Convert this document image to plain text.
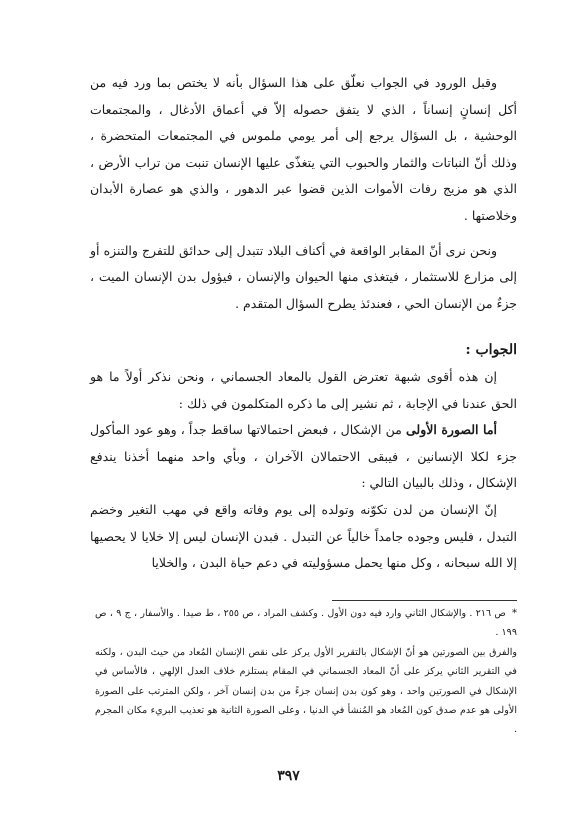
وقبل الورود في الجواب نعلّق على هذا السؤال بأنه لا يختص بما ورد فيه من أكل إنسانٍ إنساناً ، الذي لا يتفق حصوله إلاّ في أعماق الأدغال ، والمجتمعات الوحشية ، بل السؤال يرجع إلى أمر يومي ملموس في المجتمعات المتحضرة ، وذلك أنّ النباتات والثمار والحبوب التي يتغذّى عليها الإنسان تنبت من تراب الأرض ، الذي هو مزيج رفات الأموات الذين قضوا عبر الدهور ، والذي هو عصارة الأبدان وخلاصتها .

ونحن نرى أنّ المقابر الواقعة في أكناف البلاد تتبدل إلى حدائق للتفرج والتنزه أو إلى مزارع للاستثمار ، فيتغذى منها الحيوان والإنسان ، فيؤول بدن الإنسان الميت ، جزءٌ من الإنسان الحي ، فعندئذ يطرح السؤال المتقدم .

الجواب :

إن هذه أقوى شبهة تعترض القول بالمعاد الجسماني ، ونحن نذكر أولاً ما هو الحق عندنا في الإجابة ، ثم نشير إلى ما ذكره المتكلمون في ذلك :

أما الصورة الأولى من الإشكال ، فبعض احتمالاتها ساقط جداً ، وهو عود المأكول جزء لكلا الإنسانين ، فيبقى الاحتمالان الآخران ، وبأي واحد منهما أخذنا يندفع الإشكال ، وذلك بالبيان التالي :

إنّ الإنسان من لدن تكوّنه وتولده إلى يوم وفاته واقع في مهب التغير وخضم التبدل ، فليس وجوده جامداً خالياً عن التبدل . فبدن الإنسان ليس إلا خلايا لا يحصيها إلا الله سبحانه ، وكل منها يحمل مسؤوليته في دعم حياة البدن ، والخلايا

*ص ٢١٦ . والإشكال الثاني وارد فيه دون الأول . وكشف المراد ، ص ٢٥٥ ، ط صيدا . والأسفار ، ج ٩ ، ص ١٩٩ .

والفرق بين الصورتين هو أنّ الإشكال بالتقرير الأول يركز على نقص الإنسان المُعاد من حيث البدن ، ولكنه في التقرير الثاني يركز على أنّ المعاد الجسماني في المقام يستلزم خلاف العدل الإلهي ، فالأساس في الإشكال في الصورتين واحد ، وهو كون بدن إنسان جزءً من بدن إنسان آخر ، ولكن المترتب على الصورة الأولى هو عدم صدق كون المُعاد هو المُنشأ في الدنيا ، وعلى الصورة الثانية هو تعذيب البريء مكان المجرم .

٣٩٧
